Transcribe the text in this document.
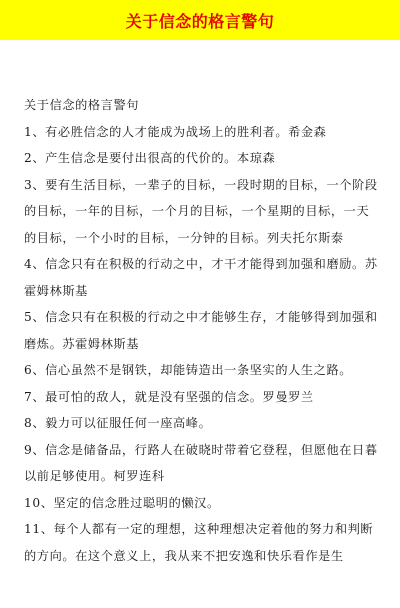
关于信念的格言警句

关于信念的格言警句

1、有必胜信念的人才能成为战场上的胜利者。希金森

2、产生信念是要付出很高的代价的。本琼森

3、要有生活目标，一辈子的目标，一段时期的目标，一个阶段的目标，一年的目标，一个月的目标，一个星期的目标，一天的目标，一个小时的目标，一分钟的目标。列夫托尔斯泰

4、信念只有在积极的行动之中，才干才能得到加强和磨励。苏霍姆林斯基

5、信念只有在积极的行动之中才能够生存，才能够得到加强和磨炼。苏霍姆林斯基

6、信心虽然不是钢铁，却能铸造出一条坚实的人生之路。

7、最可怕的敌人，就是没有坚强的信念。罗曼罗兰

8、毅力可以征服任何一座高峰。

9、信念是储备品，行路人在破晓时带着它登程，但愿他在日暮以前足够使用。柯罗连科

10、坚定的信念胜过聪明的懒汉。

11、每个人都有一定的理想，这种理想决定着他的努力和判断的方向。在这个意义上，我从来不把安逸和快乐看作是生
